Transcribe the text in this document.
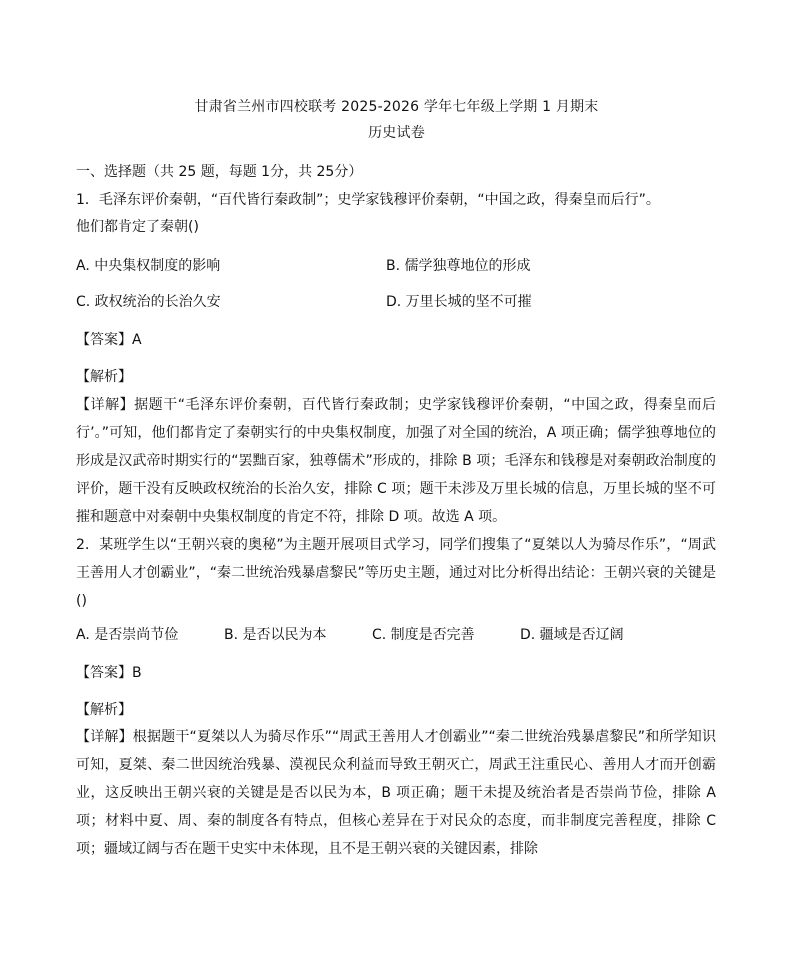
甘肃省兰州市四校联考 2025-2026 学年七年级上学期 1 月期末
历史试卷
一、选择题（共 25 题，每题 1分，共 25分）
1．毛泽东评价秦朝，“百代皆行秦政制”；史学家钱穆评价秦朝，“中国之政，得秦皇而后行”。
他们都肯定了秦朝()
A. 中央集权制度的影响	B. 儒学独尊地位的形成
C. 政权统治的长治久安	D. 万里长城的坚不可摧
【答案】A
【解析】
【详解】据题干“毛泽东评价秦朝，百代皆行秦政制；史学家钱穆评价秦朝，“中国之政，得秦皇而后行’。”可知，他们都肯定了秦朝实行的中央集权制度，加强了对全国的统治，A 项正确；儒学独尊地位的形成是汉武帝时期实行的“罢黜百家，独尊儒术”形成的，排除 B 项；毛泽东和钱穆是对秦朝政治制度的评价，题干没有反映政权统治的长治久安，排除 C 项；题干未涉及万里长城的信息，万里长城的坚不可摧和题意中对秦朝中央集权制度的肯定不符，排除 D 项。故选 A 项。
2．某班学生以“王朝兴衰的奥秘”为主题开展项目式学习，同学们搜集了“夏桀以人为骑尽作乐”，“周武王善用人才创霸业”，“秦二世统治残暴虐黎民”等历史主题，通过对比分析得出结论：王朝兴衰的关键是()
A. 是否崇尚节俭	B. 是否以民为本	C. 制度是否完善	D. 疆域是否辽阔
【答案】B
【解析】
【详解】根据题干“夏桀以人为骑尽作乐”“周武王善用人才创霸业”“秦二世统治残暴虐黎民”和所学知识可知，夏桀、秦二世因统治残暴、漠视民众利益而导致王朝灭亡，周武王注重民心、善用人才而开创霸业，这反映出王朝兴衰的关键是是否以民为本，B 项正确；题干未提及统治者是否崇尚节俭，排除 A 项；材料中夏、周、秦的制度各有特点，但核心差异在于对民众的态度，而非制度完善程度，排除 C 项；疆域辽阔与否在题干史实中未体现，且不是王朝兴衰的关键因素，排除
